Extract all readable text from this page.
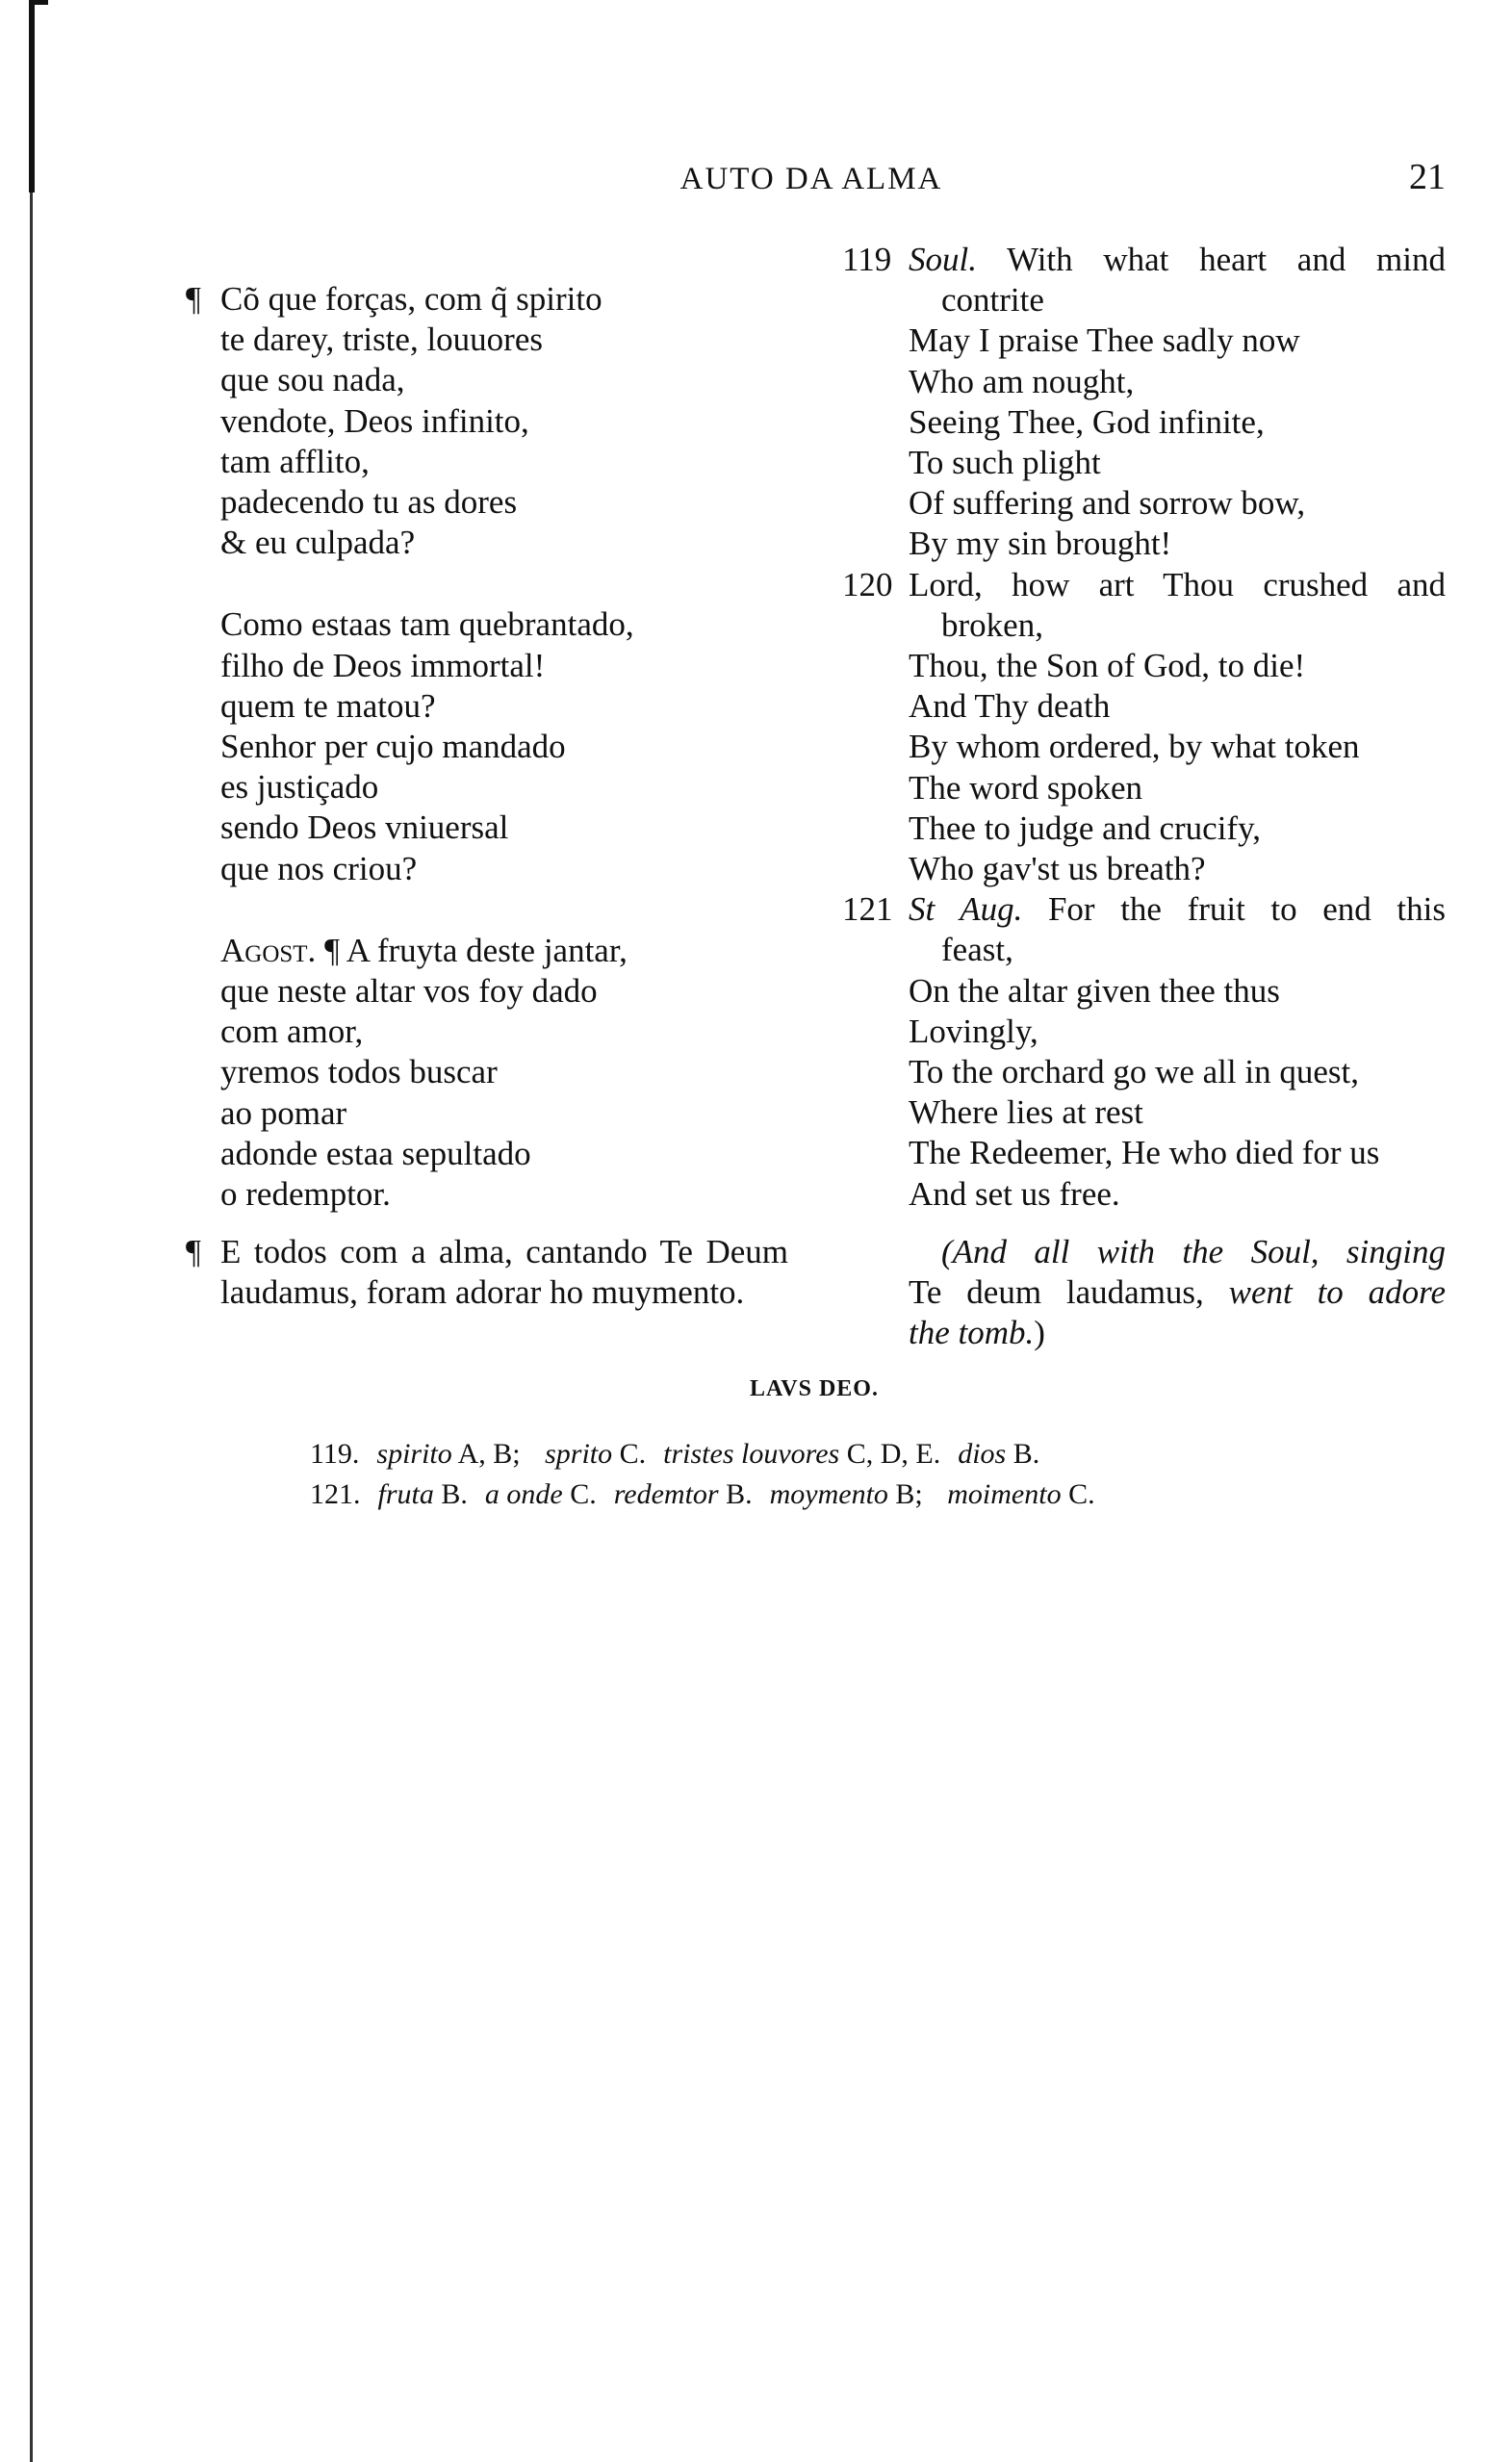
AUTO DA ALMA	21
¶ Cõ que forças, com q̃ spirito
te darey, triste, louuores
que sou nada,
vendote, Deos infinito,
tam afflito,
padecendo tu as dores
& eu culpada?
Como estaas tam quebrantado,
filho de Deos immortal!
quem te matou?
Senhor per cujo mandado
es justiçado
sendo Deos vniuersal
que nos criou?
Agost. ¶ A fruyta deste jantar,
que neste altar vos foy dado
com amor,
yremos todos buscar
ao pomar
adonde estaa sepultado
o redemptor.
¶ E todos com a alma, cantando Te Deum laudamus, foram adorar ho muymento.
119 Soul. With what heart and mind
contrite
May I praise Thee sadly now
Who am nought,
Seeing Thee, God infinite,
To such plight
Of suffering and sorrow bow,
By my sin brought!
120 Lord, how art Thou crushed and
broken,
Thou, the Son of God, to die!
And Thy death
By whom ordered, by what token
The word spoken
Thee to judge and crucify,
Who gav'st us breath?
121 St Aug. For the fruit to end this
feast,
On the altar given thee thus
Lovingly,
To the orchard go we all in quest,
Where lies at rest
The Redeemer, He who died for us
And set us free.
(And all with the Soul, singing
Te deum laudamus, went to adore
the tomb.)
LAVS DEO.
119. spirito A, B; sprito C. tristes louvores C, D, E. dios B.
121. fruta B. a onde C. redemtor B. moymento B; moimento C.
